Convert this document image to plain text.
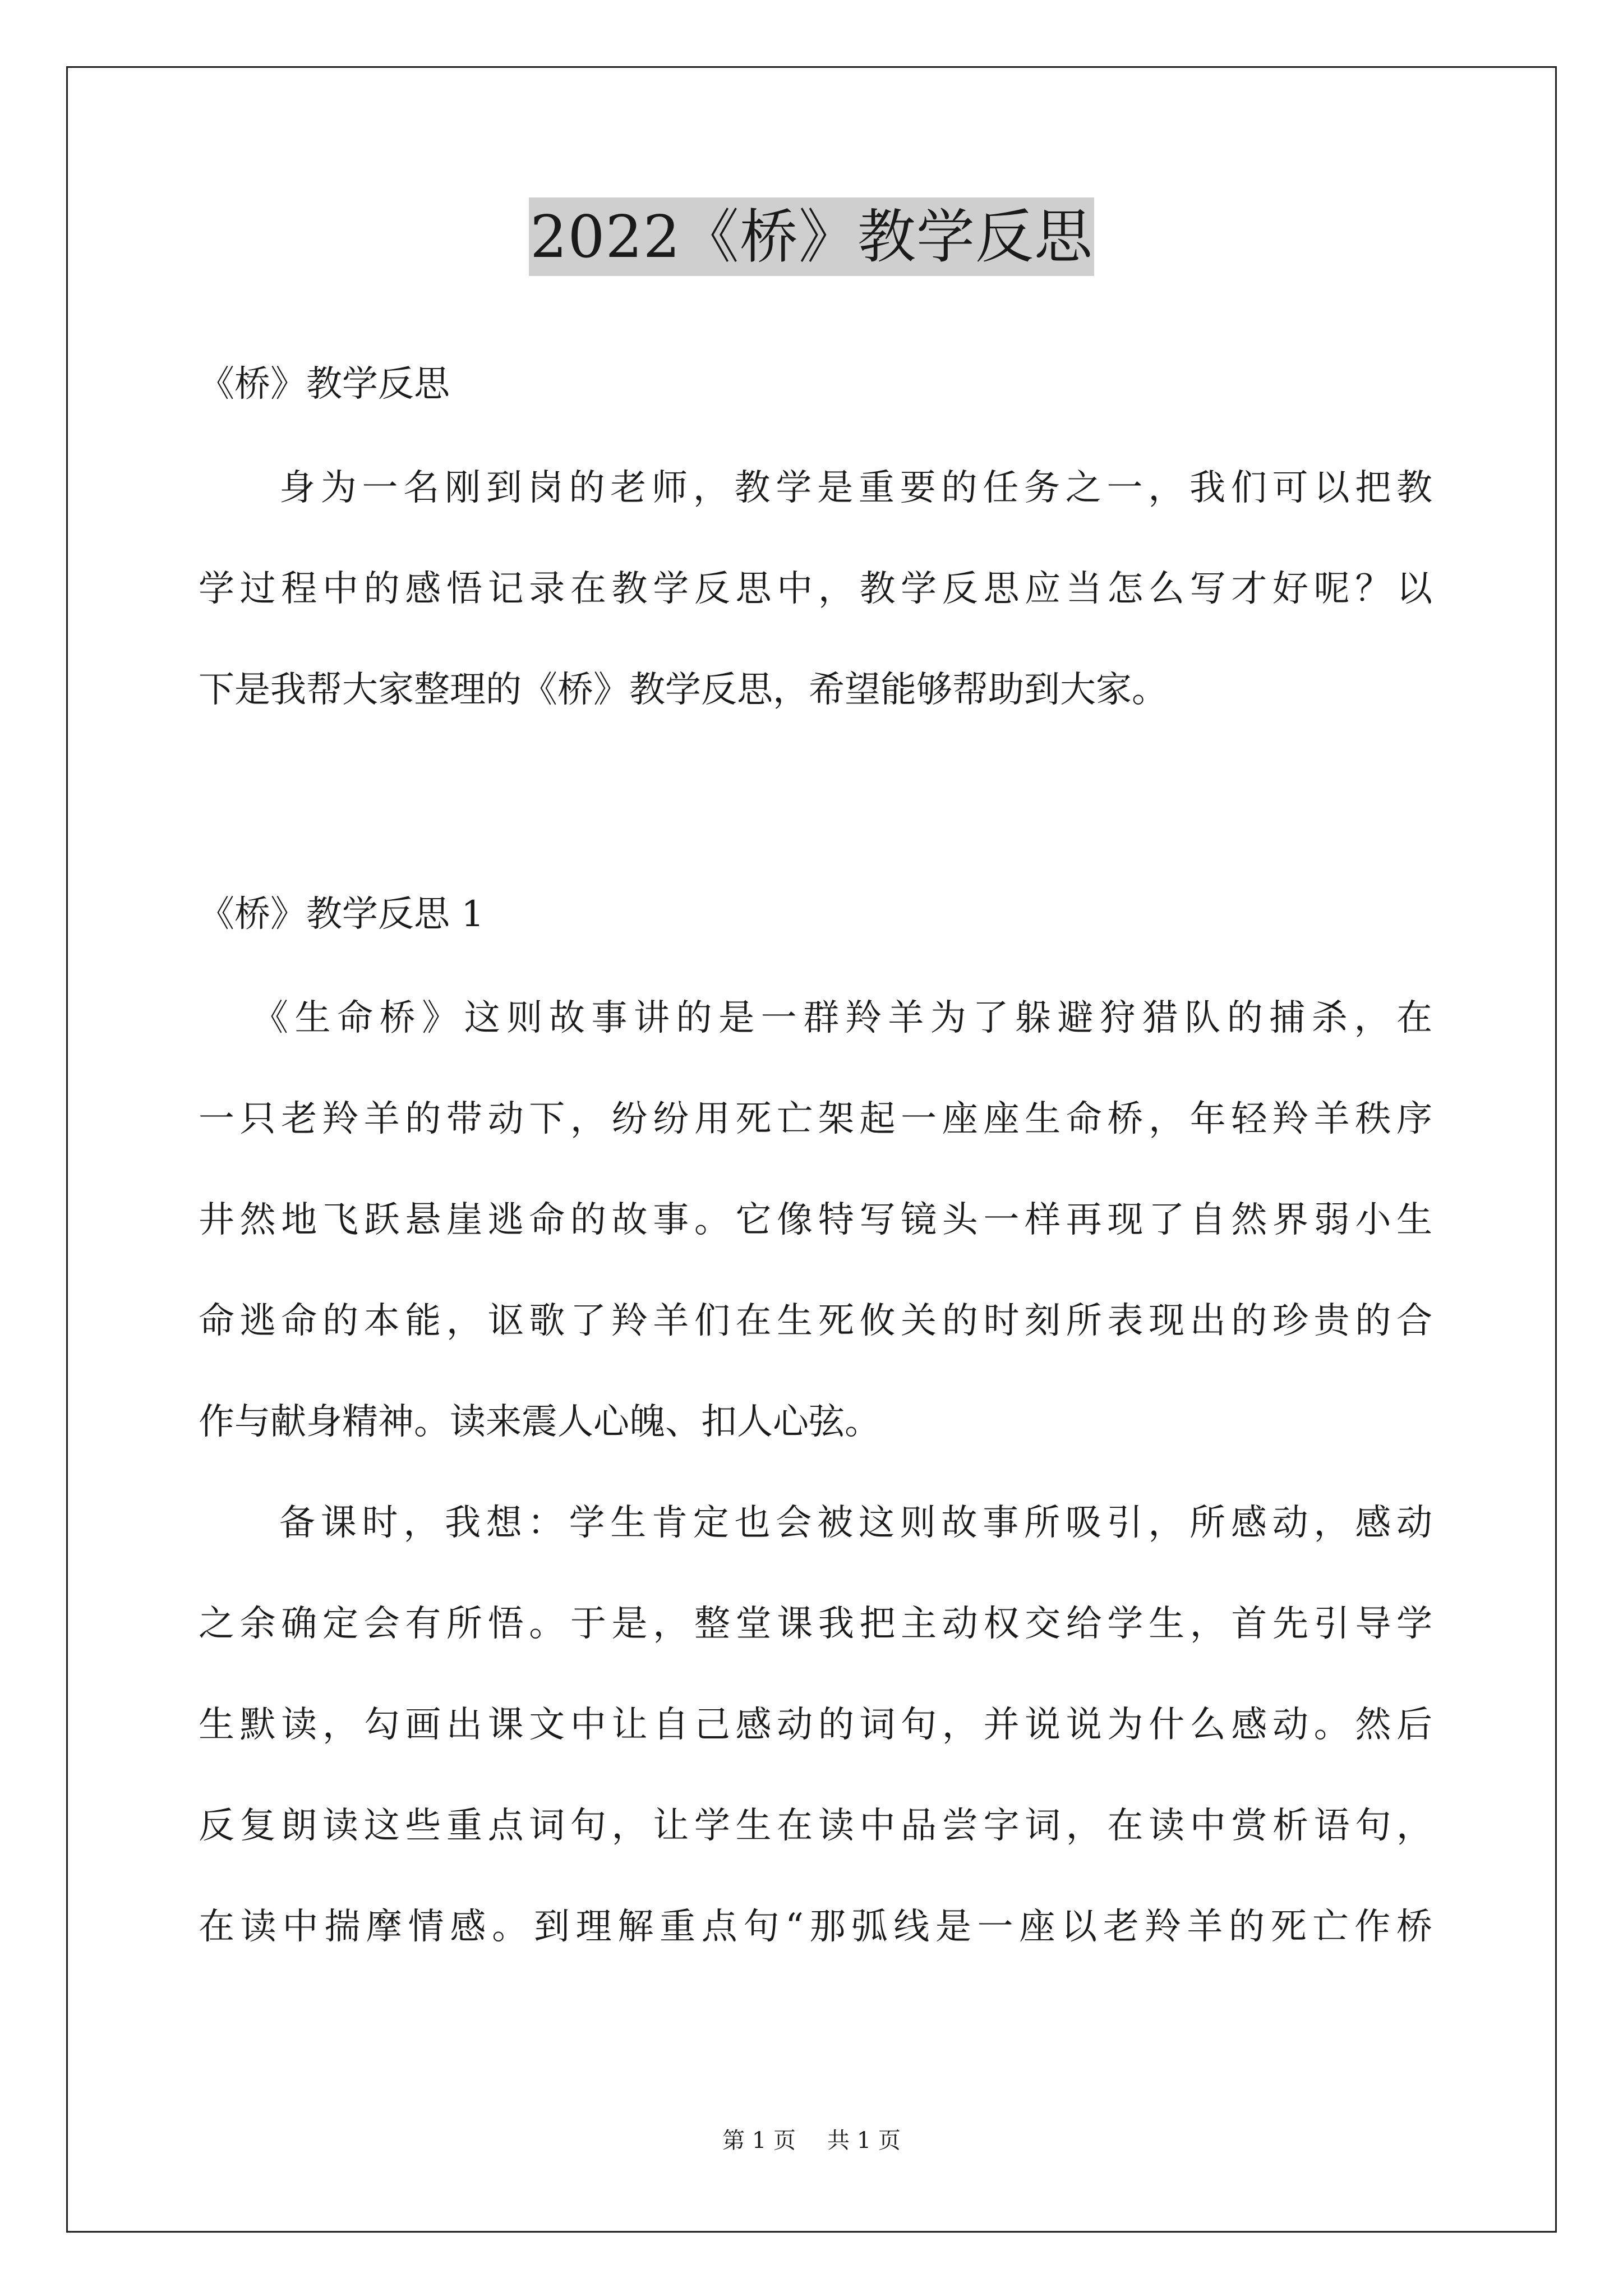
2022《桥》教学反思
《桥》教学反思
身为一名刚到岗的老师，教学是重要的任务之一，我们可以把教
学过程中的感悟记录在教学反思中，教学反思应当怎么写才好呢？以
下是我帮大家整理的《桥》教学反思，希望能够帮助到大家。
《桥》教学反思 1
《生命桥》这则故事讲的是一群羚羊为了躲避狩猎队的捕杀，在
一只老羚羊的带动下，纷纷用死亡架起一座座生命桥，年轻羚羊秩序
井然地飞跃悬崖逃命的故事。它像特写镜头一样再现了自然界弱小生
命逃命的本能，讴歌了羚羊们在生死攸关的时刻所表现出的珍贵的合
作与献身精神。读来震人心魄、扣人心弦。
备课时，我想：学生肯定也会被这则故事所吸引，所感动，感动
之余确定会有所悟。于是，整堂课我把主动权交给学生，首先引导学
生默读，勾画出课文中让自己感动的词句，并说说为什么感动。然后
反复朗读这些重点词句，让学生在读中品尝字词，在读中赏析语句，
在读中揣摩情感。到理解重点句“那弧线是一座以老羚羊的死亡作桥
第 1 页 共 1 页
